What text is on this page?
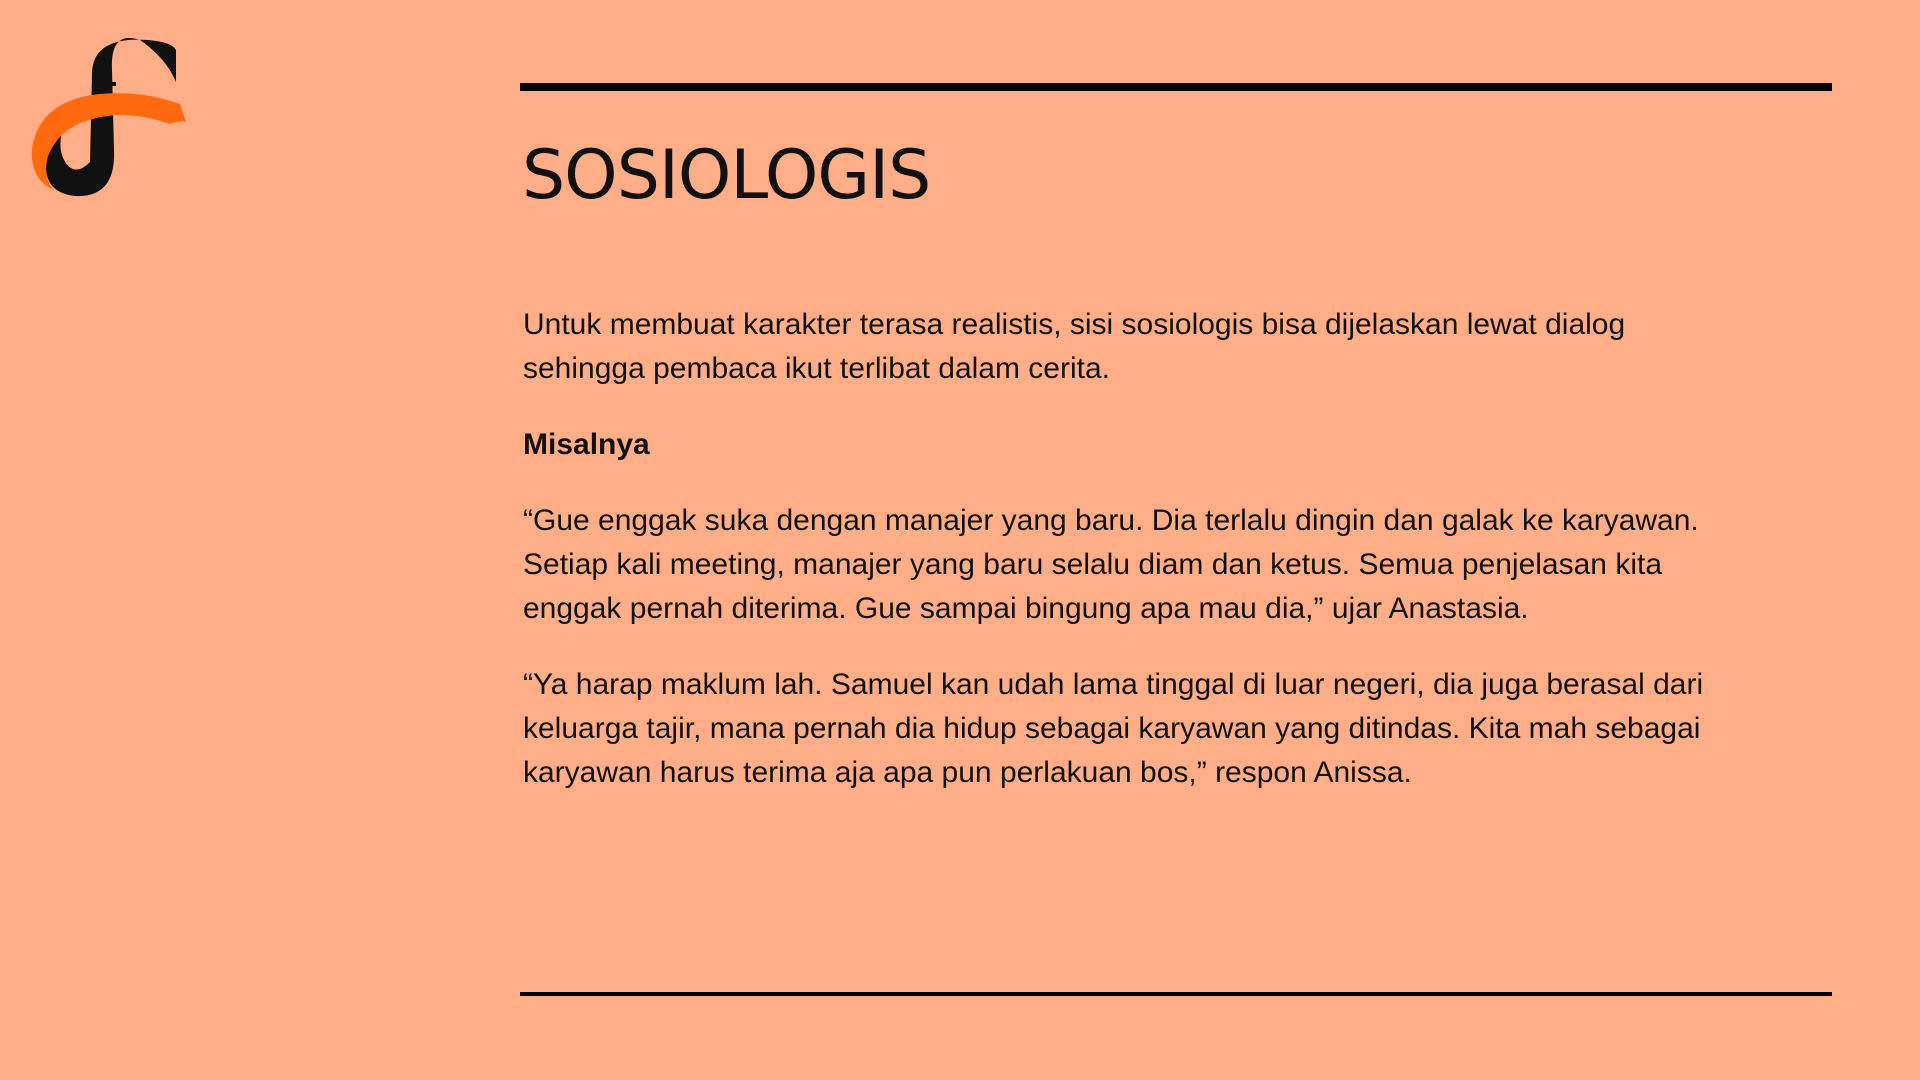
SOSIOLOGIS

Untuk membuat karakter terasa realistis, sisi sosiologis bisa dijelaskan lewat dialog sehingga pembaca ikut terlibat dalam cerita.

Misalnya

“Gue enggak suka dengan manajer yang baru. Dia terlalu dingin dan galak ke karyawan. Setiap kali meeting, manajer yang baru selalu diam dan ketus. Semua penjelasan kita enggak pernah diterima. Gue sampai bingung apa mau dia,” ujar Anastasia.

“Ya harap maklum lah. Samuel kan udah lama tinggal di luar negeri, dia juga berasal dari keluarga tajir, mana pernah dia hidup sebagai karyawan yang ditindas. Kita mah sebagai karyawan harus terima aja apa pun perlakuan bos,” respon Anissa.
